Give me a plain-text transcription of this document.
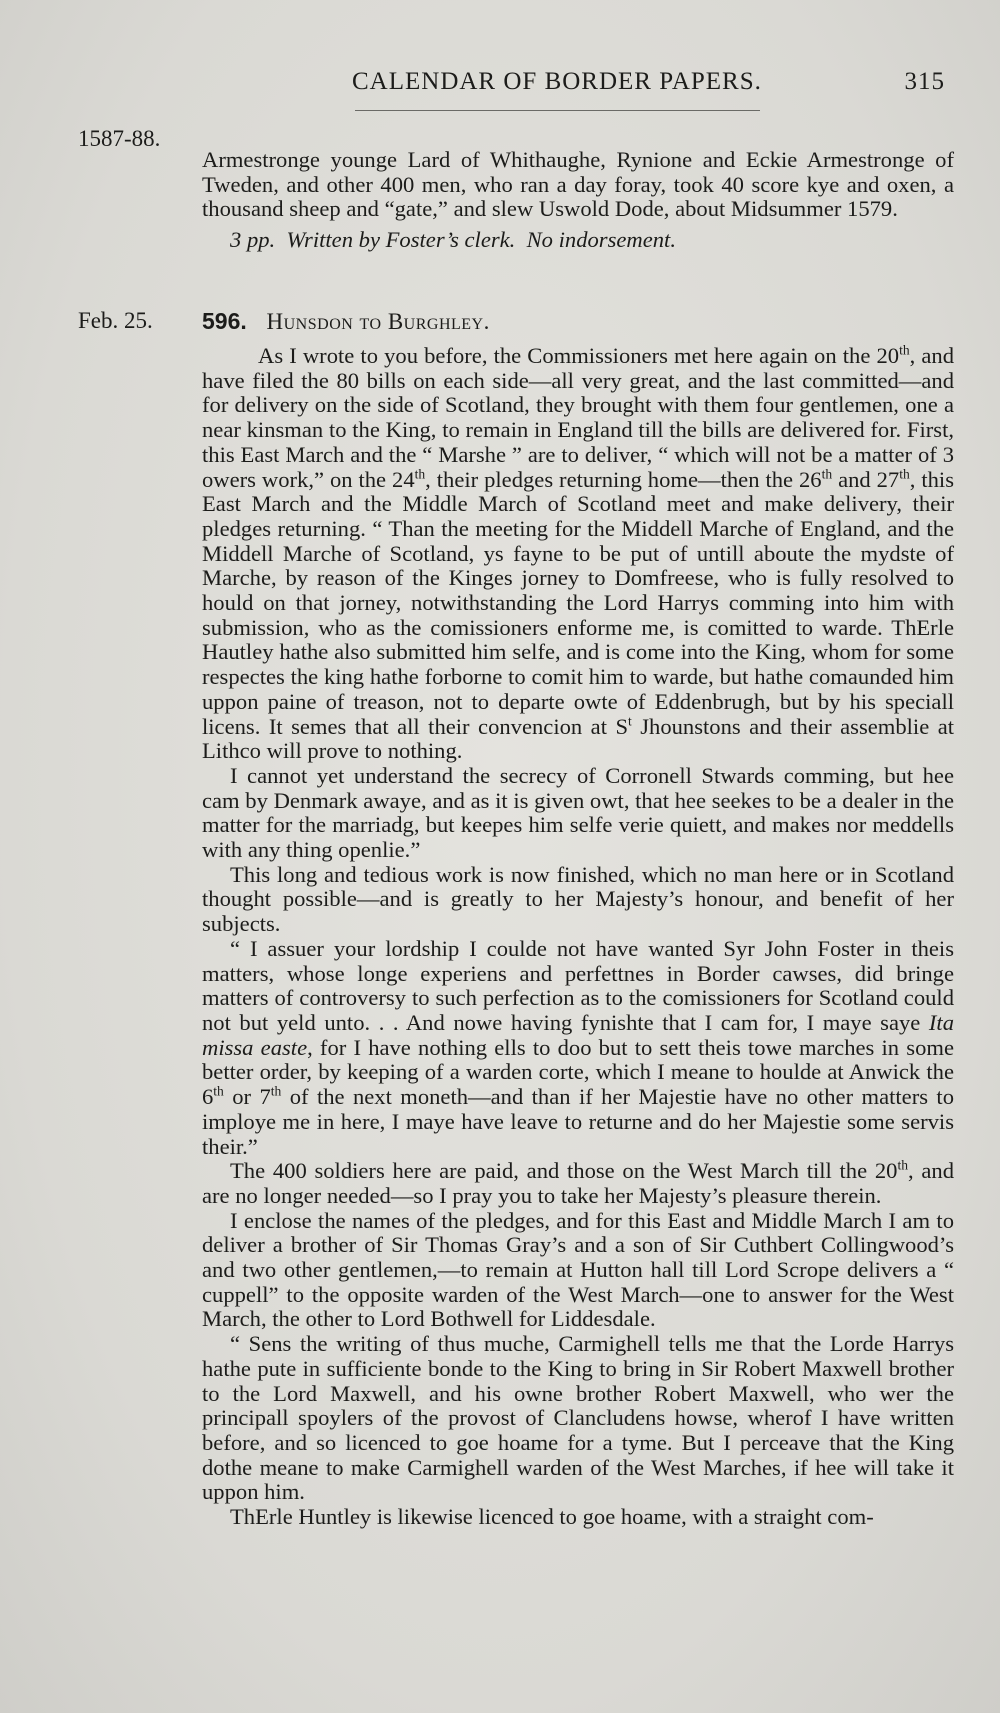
CALENDAR OF BORDER PAPERS.	315
1587-88.

Armestronge younge Lard of Whithaughe, Rynione and Eckie Armestronge of Tweden, and other 400 men, who ran a day foray, took 40 score kye and oxen, a thousand sheep and “gate,” and slew Uswold Dode, about Midsummer 1579.

3 pp. Written by Foster’s clerk. No indorsement.

Feb. 25. 596. Hunsdon to Burghley.

As I wrote to you before, the Commissioners met here again on the 20th, and have filed the 80 bills on each side—all very great, and the last committed—and for delivery on the side of Scotland, they brought with them four gentlemen, one a near kinsman to the King, to remain in England till the bills are delivered for. First, this East March and the “ Marshe ” are to deliver, “ which will not be a matter of 3 owers work,” on the 24th, their pledges returning home—then the 26th and 27th, this East March and the Middle March of Scotland meet and make delivery, their pledges returning. “ Than the meeting for the Middell Marche of England, and the Middell Marche of Scotland, ys fayne to be put of untill aboute the mydste of Marche, by reason of the Kinges jorney to Domfreese, who is fully resolved to hould on that jorney, notwithstanding the Lord Harrys comming into him with submission, who as the comissioners enforme me, is comitted to warde. ThErle Hautley hathe also submitted him selfe, and is come into the King, whom for some respectes the king hathe forborne to comit him to warde, but hathe comaunded him uppon paine of treason, not to departe owte of Eddenbrugh, but by his speciall licens. It semes that all their convencion at $S^t$ Jhounstons and their assemblie at Lithco will prove to nothing.

I cannot yet understand the secrecy of Corronell Stwards comming, but hee cam by Denmark awaye, and as it is given owt, that hee seekes to be a dealer in the matter for the marriadg, but keepes him selfe verie quiett, and makes nor meddells with any thing openlie.”

This long and tedious work is now finished, which no man here or in Scotland thought possible—and is greatly to her Majesty’s honour, and benefit of her subjects.

“ I assuer your lordship I coulde not have wanted Syr John Foster in theis matters, whose longe experiens and perfettnes in Border cawses, did bringe matters of controversy to such perfection as to the comissioners for Scotland could not but yeld unto. . . And nowe having fynishte that I cam for, I maye saye Ita missa easte, for I have nothing ells to doo but to sett theis towe marches in some better order, by keeping of a warden corte, which I meane to houlde at Anwick the 6th or 7th of the next moneth—and than if her Majestie have no other matters to imploye me in here, I maye have leave to returne and do her Majestie some servis their.”

The 400 soldiers here are paid, and those on the West March till the 20th, and are no longer needed—so I pray you to take her Majesty’s pleasure therein.

I enclose the names of the pledges, and for this East and Middle March I am to deliver a brother of Sir Thomas Gray’s and a son of Sir Cuthbert Collingwood’s and two other gentlemen,—to remain at Hutton hall till Lord Scrope delivers a “ cuppell” to the opposite warden of the West March—one to answer for the West March, the other to Lord Bothwell for Liddesdale.

“ Sens the writing of thus muche, Carmighell tells me that the Lorde Harrys hathe pute in sufficiente bonde to the King to bring in Sir Robert Maxwell brother to the Lord Maxwell, and his owne brother Robert Maxwell, who wer the principall spoylers of the provost of Clancludens howse, wherof I have written before, and so licenced to goe hoame for a tyme. But I perceave that the King dothe meane to make Carmighell warden of the West Marches, if hee will take it uppon him.

ThErle Huntley is likewise licenced to goe hoame, with a straight com-
